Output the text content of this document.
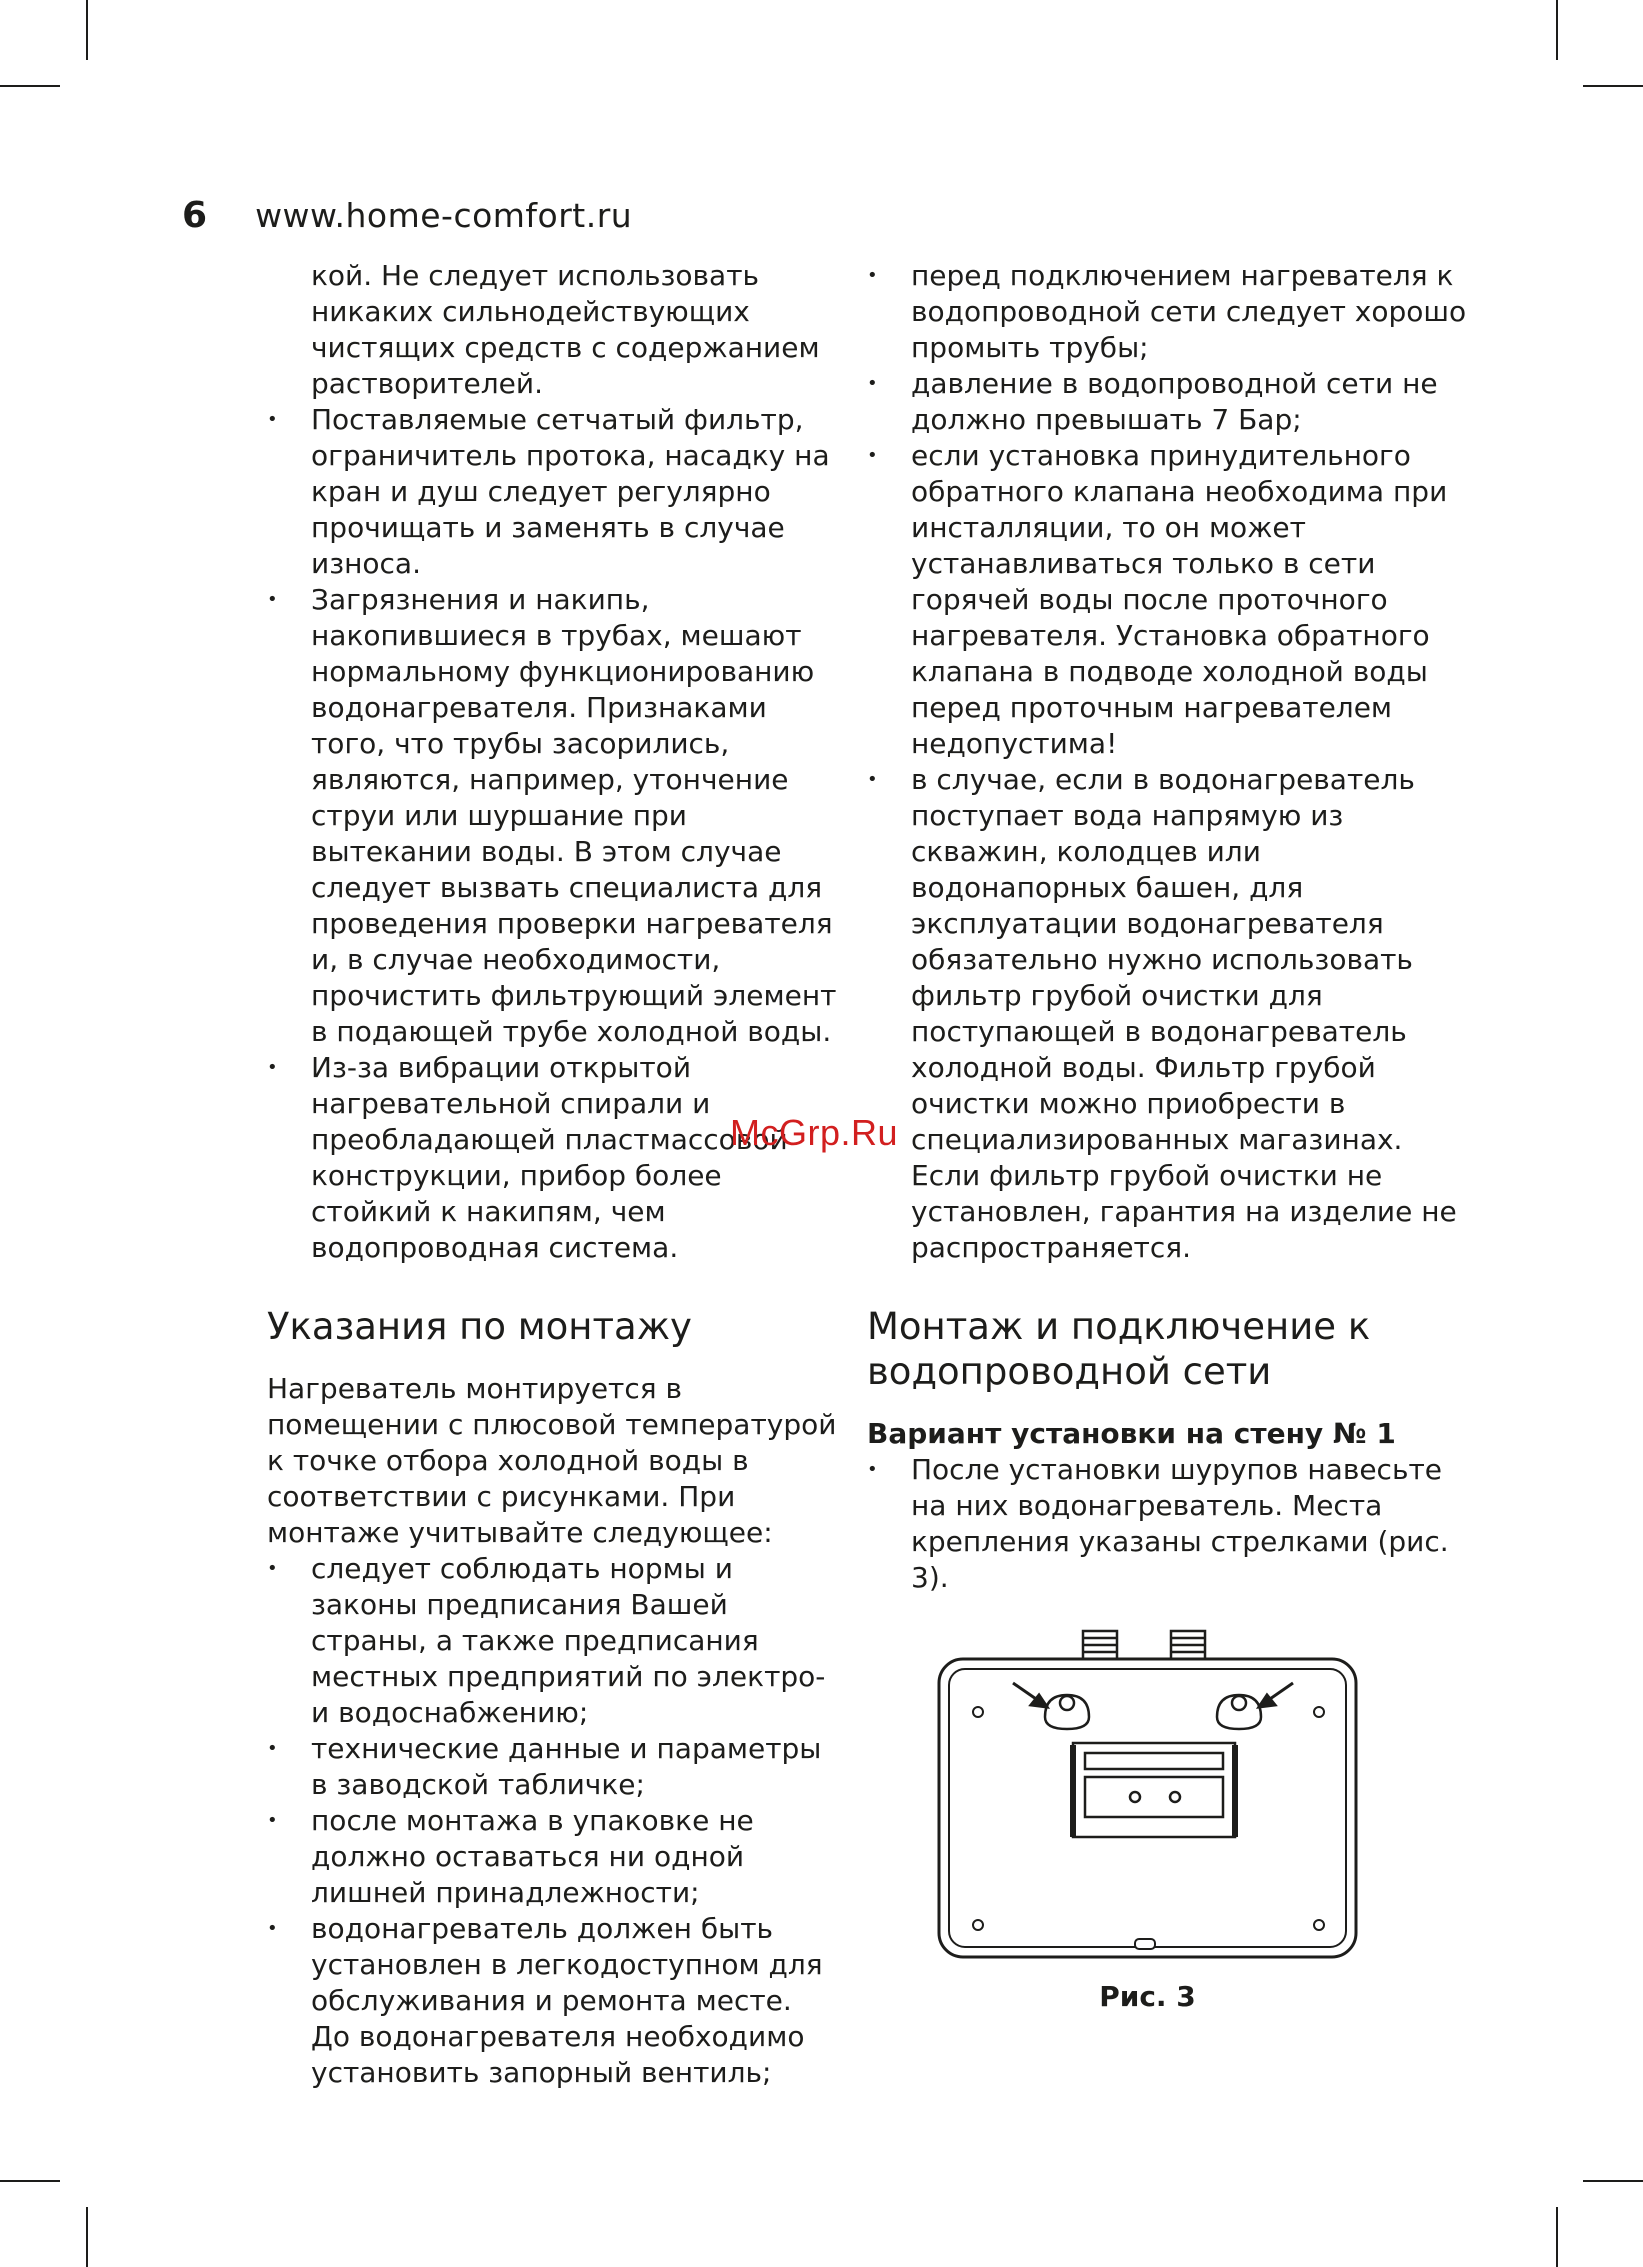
6 www.home-comfort.ru

кой. Не следует использовать никаких сильнодействующих чистящих средств с содержанием растворителей.

• Поставляемые сетчатый фильтр, ограничитель протока, насадку на кран и душ следует регулярно прочищать и заменять в случае износа.
• Загрязнения и накипь, накопившиеся в трубах, мешают нормальному функционированию водонагревателя. Признаками того, что трубы засорились, являются, например, утончение струи или шуршание при вытекании воды. В этом случае следует вызвать специалиста для проведения проверки нагревателя и, в случае необходимости, прочистить фильтрующий элемент в подающей трубе холодной воды.
• Из-за вибрации открытой нагревательной спирали и преобладающей пластмассовой конструкции, прибор более стойкий к накипям, чем водопроводная система.
Указания по монтажу

Нагреватель монтируется в помещении с плюсовой температурой к точке отбора холодной воды в соответствии с рисунками. При монтаже учитывайте следующее:

• следует соблюдать нормы и законы предписания Вашей страны, а также предписания местных предприятий по электро- и водоснабжению;
• технические данные и параметры в заводской табличке;
• после монтажа в упаковке не должно оставаться ни одной лишней принадлежности;
• водонагреватель должен быть установлен в легкодоступном для обслуживания и ремонта месте. До водонагревателя необходимо установить запорный вентиль;
• перед подключением нагревателя к водопроводной сети следует хорошо промыть трубы;
• давление в водопроводной сети не должно превышать 7 Бар;
• если установка принудительного обратного клапана необходима при инсталляции, то он может устанавливаться только в сети горячей воды после проточного нагревателя. Установка обратного клапана в подводе холодной воды перед проточным нагревателем недопустима!
• в случае, если в водонагреватель поступает вода напрямую из скважин, колодцев или водонапорных башен, для эксплуатации водонагревателя обязательно нужно использовать фильтр грубой очистки для поступающей в водонагреватель холодной воды. Фильтр грубой очистки можно приобрести в специализированных магазинах.

Если фильтр грубой очистки не установлен, гарантия на изделие не распространяется.

Монтаж и подключение к водопроводной сети

Вариант установки на стену № 1

• После установки шурупов навесьте на них водонагреватель. Места крепления указаны стрелками (рис. 3).
McGrp.Ru
Рис. 3
